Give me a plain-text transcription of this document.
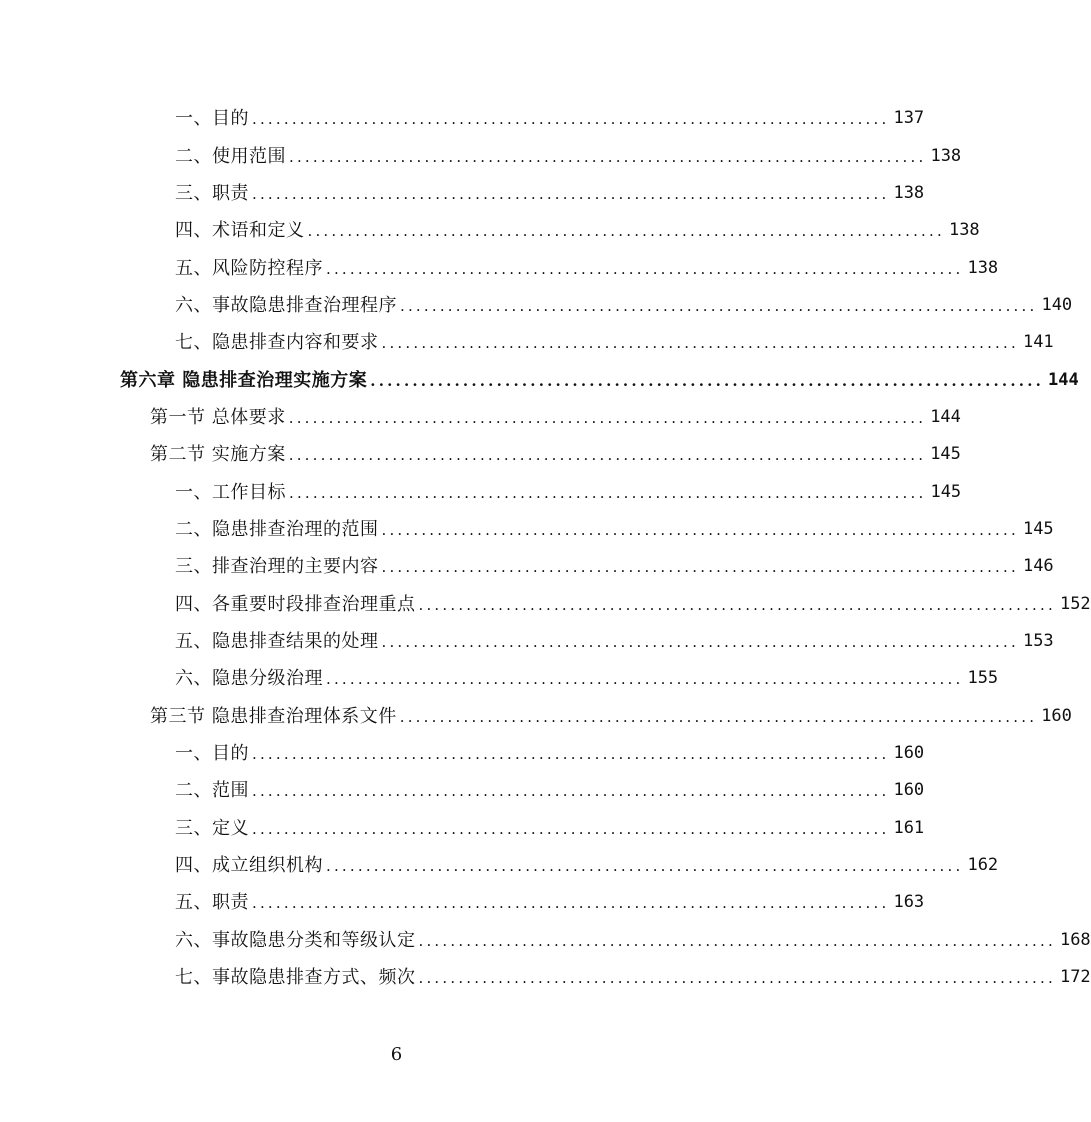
一、目的 ................................................................................ 137
二、使用范围 ................................................................................ 138
三、职责 ................................................................................ 138
四、术语和定义 ................................................................................ 138
五、风险防控程序 ................................................................................ 138
六、事故隐患排查治理程序 ................................................................................ 140
七、隐患排查内容和要求 ................................................................................ 141
第六章 隐患排查治理实施方案 ................................................................................ 144
第一节 总体要求 ................................................................................ 144
第二节 实施方案 ................................................................................ 145
一、工作目标 ................................................................................ 145
二、隐患排查治理的范围 ................................................................................ 145
三、排查治理的主要内容 ................................................................................ 146
四、各重要时段排查治理重点 ................................................................................ 152
五、隐患排查结果的处理 ................................................................................ 153
六、隐患分级治理 ................................................................................ 155
第三节 隐患排查治理体系文件 ................................................................................ 160
一、目的 ................................................................................ 160
二、范围 ................................................................................ 160
三、定义 ................................................................................ 161
四、成立组织机构 ................................................................................ 162
五、职责 ................................................................................ 163
六、事故隐患分类和等级认定 ................................................................................ 168
七、事故隐患排查方式、频次 ................................................................................ 172
6
